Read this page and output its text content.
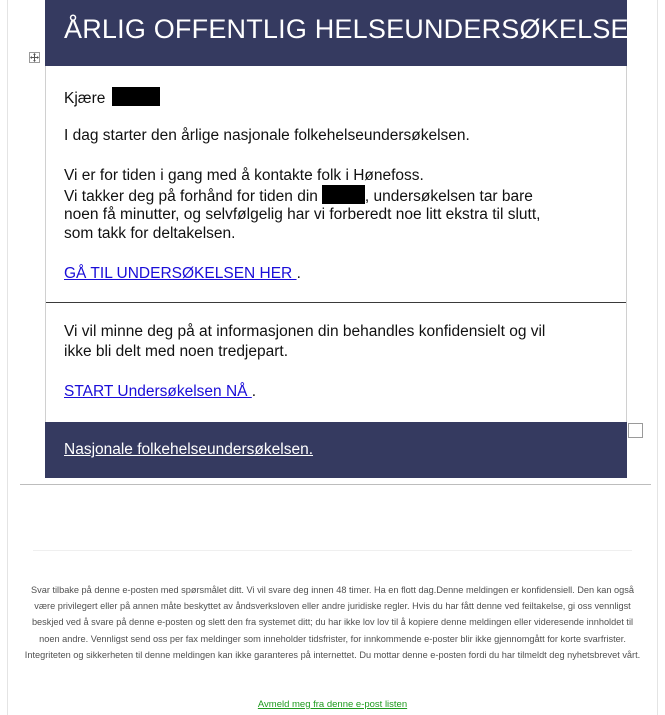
ÅRLIG OFFENTLIG HELSEUNDERSØKELSE
Kjære
I dag starter den årlige nasjonale folkehelseundersøkelsen.
Vi er for tiden i gang med å kontakte folk i Hønefoss.
Vi takker deg på forhånd for tiden din	, undersøkelsen tar bare
noen få minutter, og selvfølgelig har vi forberedt noe litt ekstra til slutt,
som takk for deltakelsen.
GÅ TIL UNDERSØKELSEN HER .
Vi vil minne deg på at informasjonen din behandles konfidensielt og vil
ikke bli delt med noen tredjepart.
START Undersøkelsen NÅ .
Nasjonale folkehelseundersøkelsen.
Svar tilbake på denne e-posten med spørsmålet ditt. Vi vil svare deg innen 48 timer. Ha en flott dag.Denne meldingen er konfidensiell. Den kan også være privilegert eller på annen måte beskyttet av åndsverksloven eller andre juridiske regler. Hvis du har fått denne ved feiltakelse, gi oss vennligst beskjed ved å svare på denne e-posten og slett den fra systemet ditt; du har ikke lov lov til å kopiere denne meldingen eller videresende innholdet til noen andre. Vennligst send oss per fax meldinger som inneholder tidsfrister, for innkommende e-poster blir ikke gjennomgått for korte svarfrister. Integriteten og sikkerheten til denne meldingen kan ikke garanteres på internettet. Du mottar denne e-posten fordi du har tilmeldt deg nyhetsbrevet vårt.
Avmeld meg fra denne e-post listen
